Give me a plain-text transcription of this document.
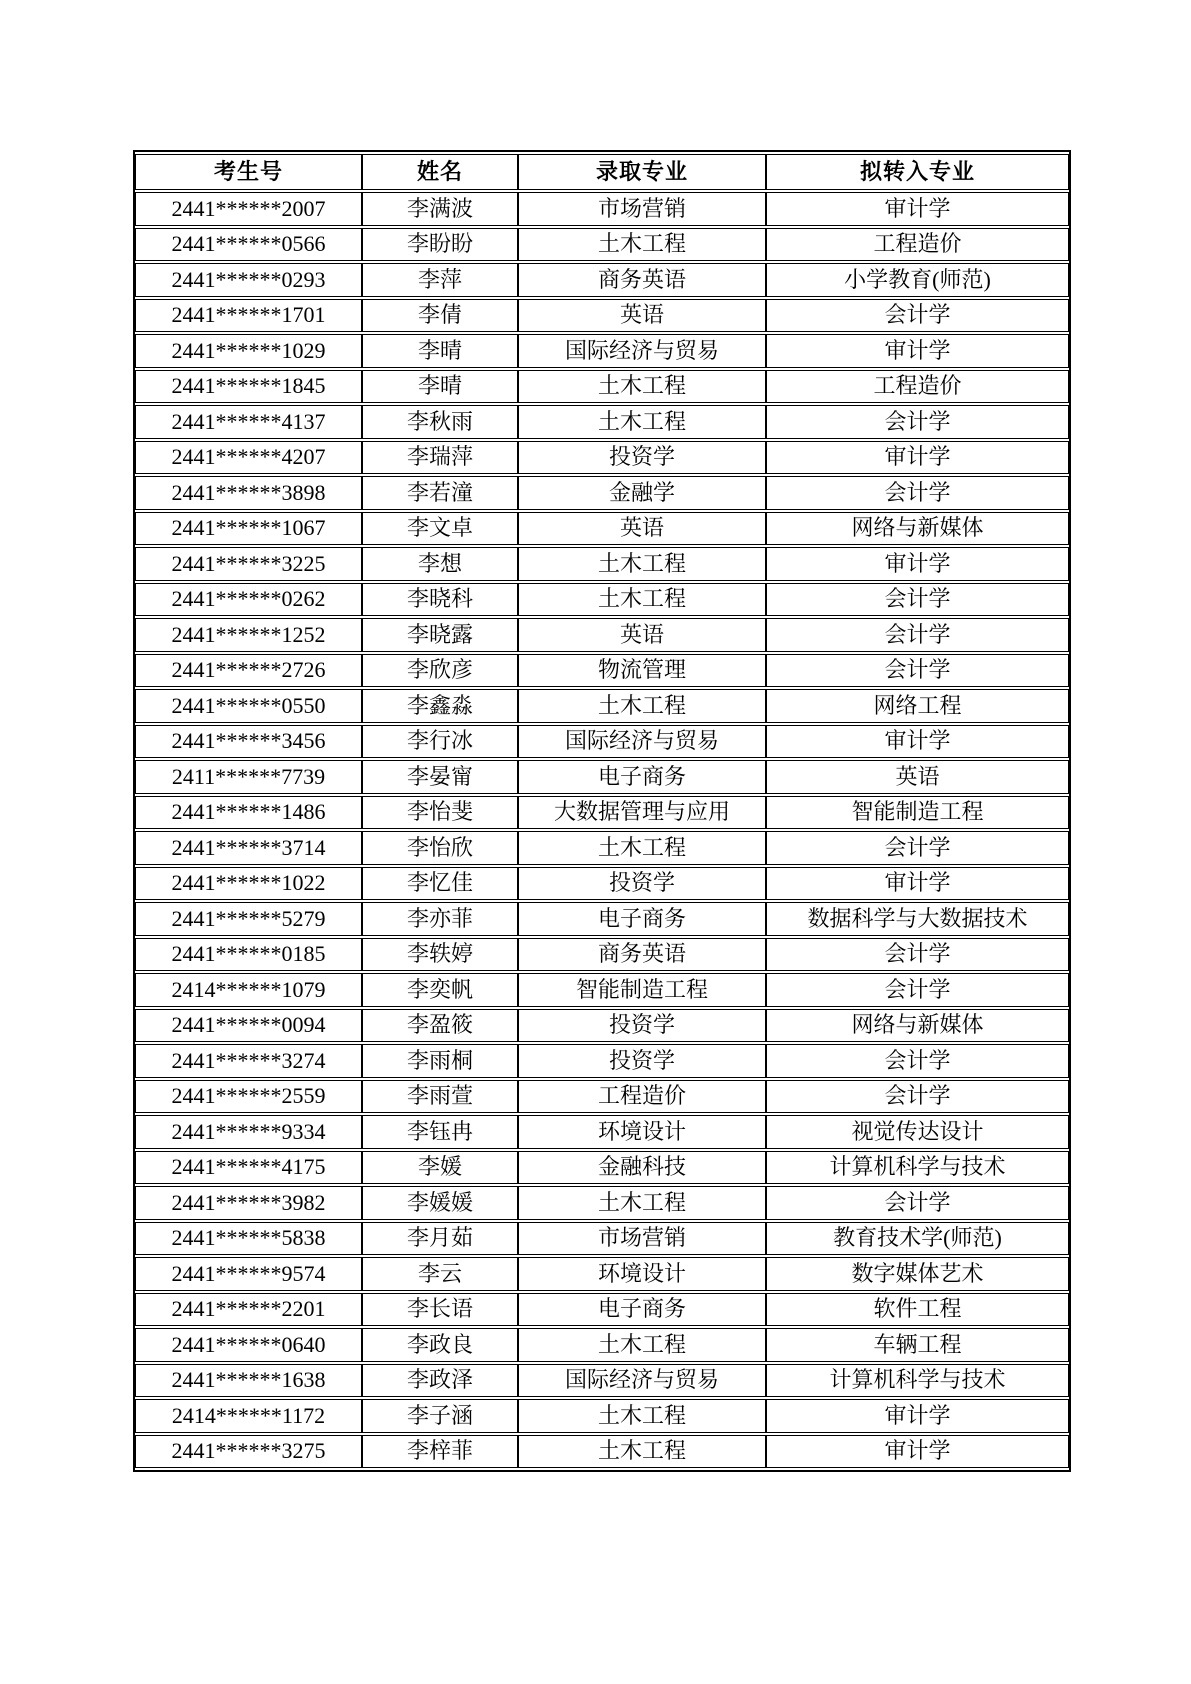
考生号	姓名	录取专业	拟转入专业
2441******2007	李满波	市场营销	审计学
2441******0566	李盼盼	土木工程	工程造价
2441******0293	李萍	商务英语	小学教育(师范)
2441******1701	李倩	英语	会计学
2441******1029	李晴	国际经济与贸易	审计学
2441******1845	李晴	土木工程	工程造价
2441******4137	李秋雨	土木工程	会计学
2441******4207	李瑞萍	投资学	审计学
2441******3898	李若潼	金融学	会计学
2441******1067	李文卓	英语	网络与新媒体
2441******3225	李想	土木工程	审计学
2441******0262	李晓科	土木工程	会计学
2441******1252	李晓露	英语	会计学
2441******2726	李欣彦	物流管理	会计学
2441******0550	李鑫淼	土木工程	网络工程
2441******3456	李行冰	国际经济与贸易	审计学
2411******7739	李晏甯	电子商务	英语
2441******1486	李怡斐	大数据管理与应用	智能制造工程
2441******3714	李怡欣	土木工程	会计学
2441******1022	李忆佳	投资学	审计学
2441******5279	李亦菲	电子商务	数据科学与大数据技术
2441******0185	李轶婷	商务英语	会计学
2414******1079	李奕帆	智能制造工程	会计学
2441******0094	李盈筱	投资学	网络与新媒体
2441******3274	李雨桐	投资学	会计学
2441******2559	李雨萱	工程造价	会计学
2441******9334	李钰冉	环境设计	视觉传达设计
2441******4175	李媛	金融科技	计算机科学与技术
2441******3982	李媛媛	土木工程	会计学
2441******5838	李月茹	市场营销	教育技术学(师范)
2441******9574	李云	环境设计	数字媒体艺术
2441******2201	李长语	电子商务	软件工程
2441******0640	李政良	土木工程	车辆工程
2441******1638	李政泽	国际经济与贸易	计算机科学与技术
2414******1172	李子涵	土木工程	审计学
2441******3275	李梓菲	土木工程	审计学
